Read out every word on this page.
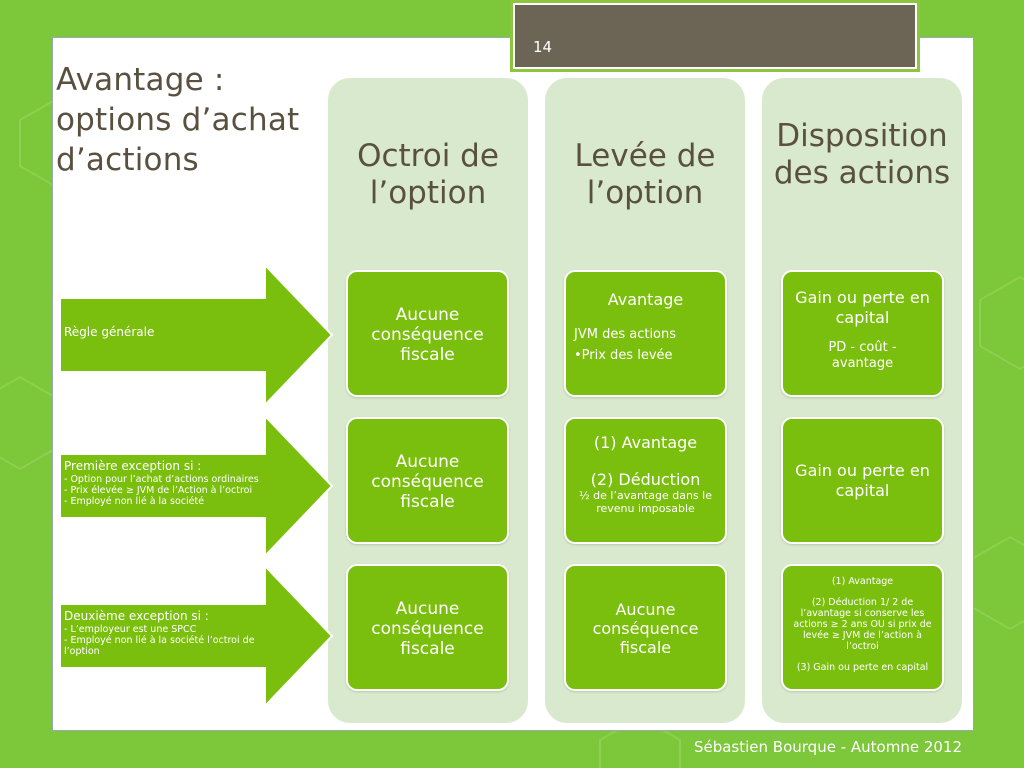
14
Avantage : options d’achat d’actions	Octroi de l’option
Levée de l’option
Disposition des actions
Règle générale
Première exception si :
- Option pour l’achat d’actions ordinaires
- Prix élevée ≥ JVM de l’Action à l’octroi
- Employé non lié à la société
Deuxième exception si :
- L’employeur est une SPCC
- Employé non lié à la société l’octroi de l’option
Aucune conséquence fiscale
Avantage
JVM des actions
•Prix des levée
Gain ou perte en capital
PD - coût - avantage
Aucune conséquence fiscale
(1) Avantage
(2) Déduction
½ de l’avantage dans le revenu imposable
Gain ou perte en capital
Aucune conséquence fiscale
Aucune conséquence fiscale
(1) Avantage
(2) Déduction 1/ 2 de l’avantage si conserve les actions ≥ 2 ans OU si prix de levée ≥ JVM de l’action à l’octroi
(3) Gain ou perte en capital
Sébastien Bourque - Automne 2012
